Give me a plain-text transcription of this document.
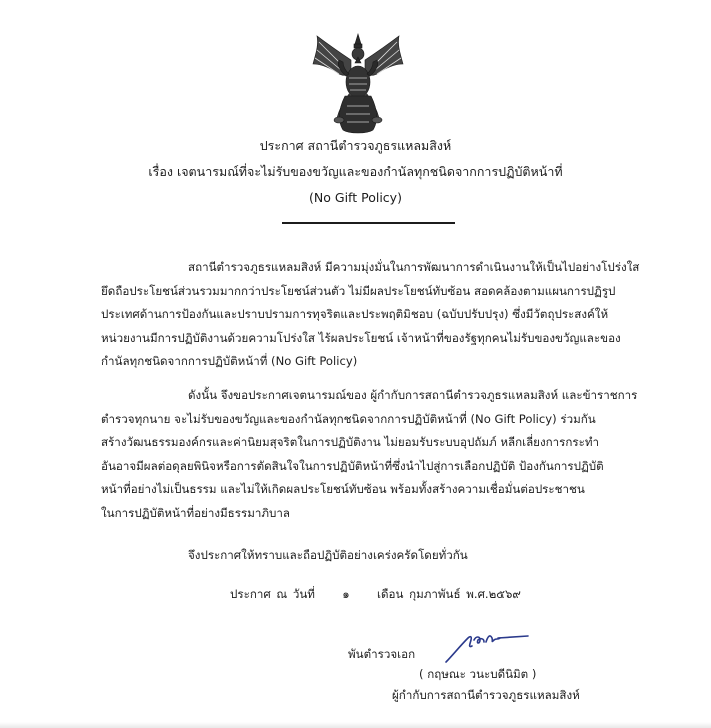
ประกาศ สถานีตำรวจภูธรแหลมสิงห์
เรื่อง เจตนารมณ์ที่จะไม่รับของขวัญและของกำนัลทุกชนิดจากการปฏิบัติหน้าที่
(No Gift Policy)
สถานีตำรวจภูธรแหลมสิงห์ มีความมุ่งมั่นในการพัฒนาการดำเนินงานให้เป็นไปอย่างโปร่งใส
ยึดถือประโยชน์ส่วนรวมมากกว่าประโยชน์ส่วนตัว ไม่มีผลประโยชน์ทับซ้อน สอดคล้องตามแผนการปฏิรูป
ประเทศด้านการป้องกันและปราบปรามการทุจริตและประพฤติมิชอบ (ฉบับปรับปรุง) ซึ่งมีวัตถุประสงค์ให้
หน่วยงานมีการปฏิบัติงานด้วยความโปร่งใส ไร้ผลประโยชน์ เจ้าหน้าที่ของรัฐทุกคนไม่รับของขวัญและของ
กำนัลทุกชนิดจากการปฏิบัติหน้าที่ (No Gift Policy)
ดังนั้น จึงขอประกาศเจตนารมณ์ของ ผู้กำกับการสถานีตำรวจภูธรแหลมสิงห์ และข้าราชการ
ตำรวจทุกนาย จะไม่รับของขวัญและของกำนัลทุกชนิดจากการปฏิบัติหน้าที่ (No Gift Policy) ร่วมกัน
สร้างวัฒนธรรมองค์กรและค่านิยมสุจริตในการปฏิบัติงาน ไม่ยอมรับระบบอุปถัมภ์ หลีกเลี่ยงการกระทำ
อันอาจมีผลต่อดุลยพินิจหรือการตัดสินใจในการปฏิบัติหน้าที่ซึ่งนำไปสู่การเลือกปฏิบัติ ป้องกันการปฏิบัติ
หน้าที่อย่างไม่เป็นธรรม และไม่ให้เกิดผลประโยชน์ทับซ้อน พร้อมทั้งสร้างความเชื่อมั่นต่อประชาชน
ในการปฏิบัติหน้าที่อย่างมีธรรมาภิบาล
จึงประกาศให้ทราบและถือปฏิบัติอย่างเคร่งครัดโดยทั่วกัน
ประกาศ ณ วันที่ ๑ เดือน กุมภาพันธ์ พ.ศ.๒๕๖๙
พันตำรวจเอก
( กฤษณะ วนะบดีนิมิต )
ผู้กำกับการสถานีตำรวจภูธรแหลมสิงห์
